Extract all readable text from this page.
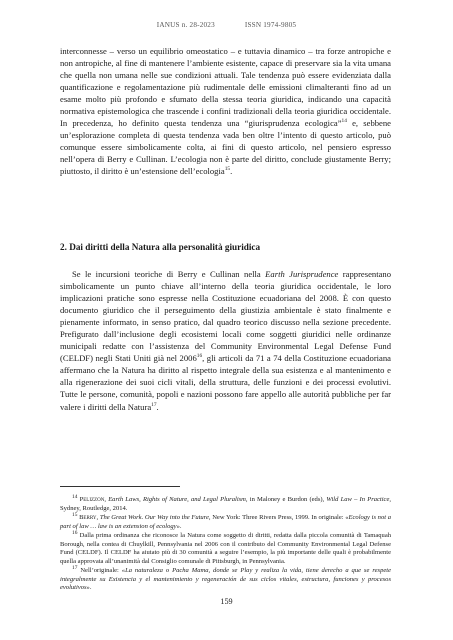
IANUS n. 28-2023	ISSN 1974-9805

interconnesse – verso un equilibrio omeostatico – e tuttavia dinamico – tra forze antropiche e non antropiche, al fine di mantenere l’ambiente esistente, capace di preservare sia la vita umana che quella non umana nelle sue condizioni attuali. Tale tendenza può essere evidenziata dalla quantificazione e regolamentazione più rudimentale delle emissioni climalteranti fino ad un esame molto più profondo e sfumato della stessa teoria giuridica, indicando una capacità normativa epistemologica che trascende i confini tradizionali della teoria giuridica occidentale. In precedenza, ho definito questa tendenza una “giurisprudenza ecologica”$^{14}$ e, sebbene un’esplorazione completa di questa tendenza vada ben oltre l’intento di questo articolo, può comunque essere simbolicamente colta, ai fini di questo articolo, nel pensiero espresso nell’opera di Berry e Cullinan. L’ecologia non è parte del diritto, conclude giustamente Berry; piuttosto, il diritto è un’estensione dell’ecologia$^{15}$.

2. Dai diritti della Natura alla personalità giuridica

Se le incursioni teoriche di Berry e Cullinan nella Earth Jurisprudence rappresentano simbolicamente un punto chiave all’interno della teoria giuridica occidentale, le loro implicazioni pratiche sono espresse nella Costituzione ecuadoriana del 2008. È con questo documento giuridico che il perseguimento della giustizia ambientale è stato finalmente e pienamente informato, in senso pratico, dal quadro teorico discusso nella sezione precedente. Prefigurato dall’inclusione degli ecosistemi locali come soggetti giuridici nelle ordinanze municipali redatte con l’assistenza del Community Environmental Legal Defense Fund (CELDF) negli Stati Uniti già nel 2006$^{16}$, gli articoli da 71 a 74 della Costituzione ecuadoriana affermano che la Natura ha diritto al rispetto integrale della sua esistenza e al mantenimento e alla rigenerazione dei suoi cicli vitali, della struttura, delle funzioni e dei processi evolutivi. Tutte le persone, comunità, popoli e nazioni possono fare appello alle autorità pubbliche per far valere i diritti della Natura$^{17}$.

$^{14}$ Pelizzon, Earth Laws, Rights of Nature, and Legal Pluralism, in Maloney e Burdon (eds), Wild Law – In Practice, Sydney, Routledge, 2014.

$^{15}$ Berry, The Great Work. Our Way into the Future, New York: Three Rivers Press, 1999. In originale: «Ecology is not a part of law … law is an extension of ecology».

$^{16}$ Dalla prima ordinanza che riconosce la Natura come soggetto di diritti, redatta dalla piccola comunità di Tamaquah Borough, nella contea di Chuylkill, Pennsylvania nel 2006 con il contributo del Community Environmental Legal Defense Fund (CELDF). Il CELDF ha aiutato più di 30 comunità a seguire l’esempio, la più importante delle quali è probabilmente quella approvata all’unanimità dal Consiglio comunale di Pittsburgh, in Pennsylvania.

$^{17}$ Nell’originale: «La naturaleza o Pacha Mama, donde se Play y realiza la vida, tiene derecho a que se respete integralmente su Existencia y el mantenimiento y regeneración de sus ciclos vitales, estructura, funciones y procesos evolutivos».

159
